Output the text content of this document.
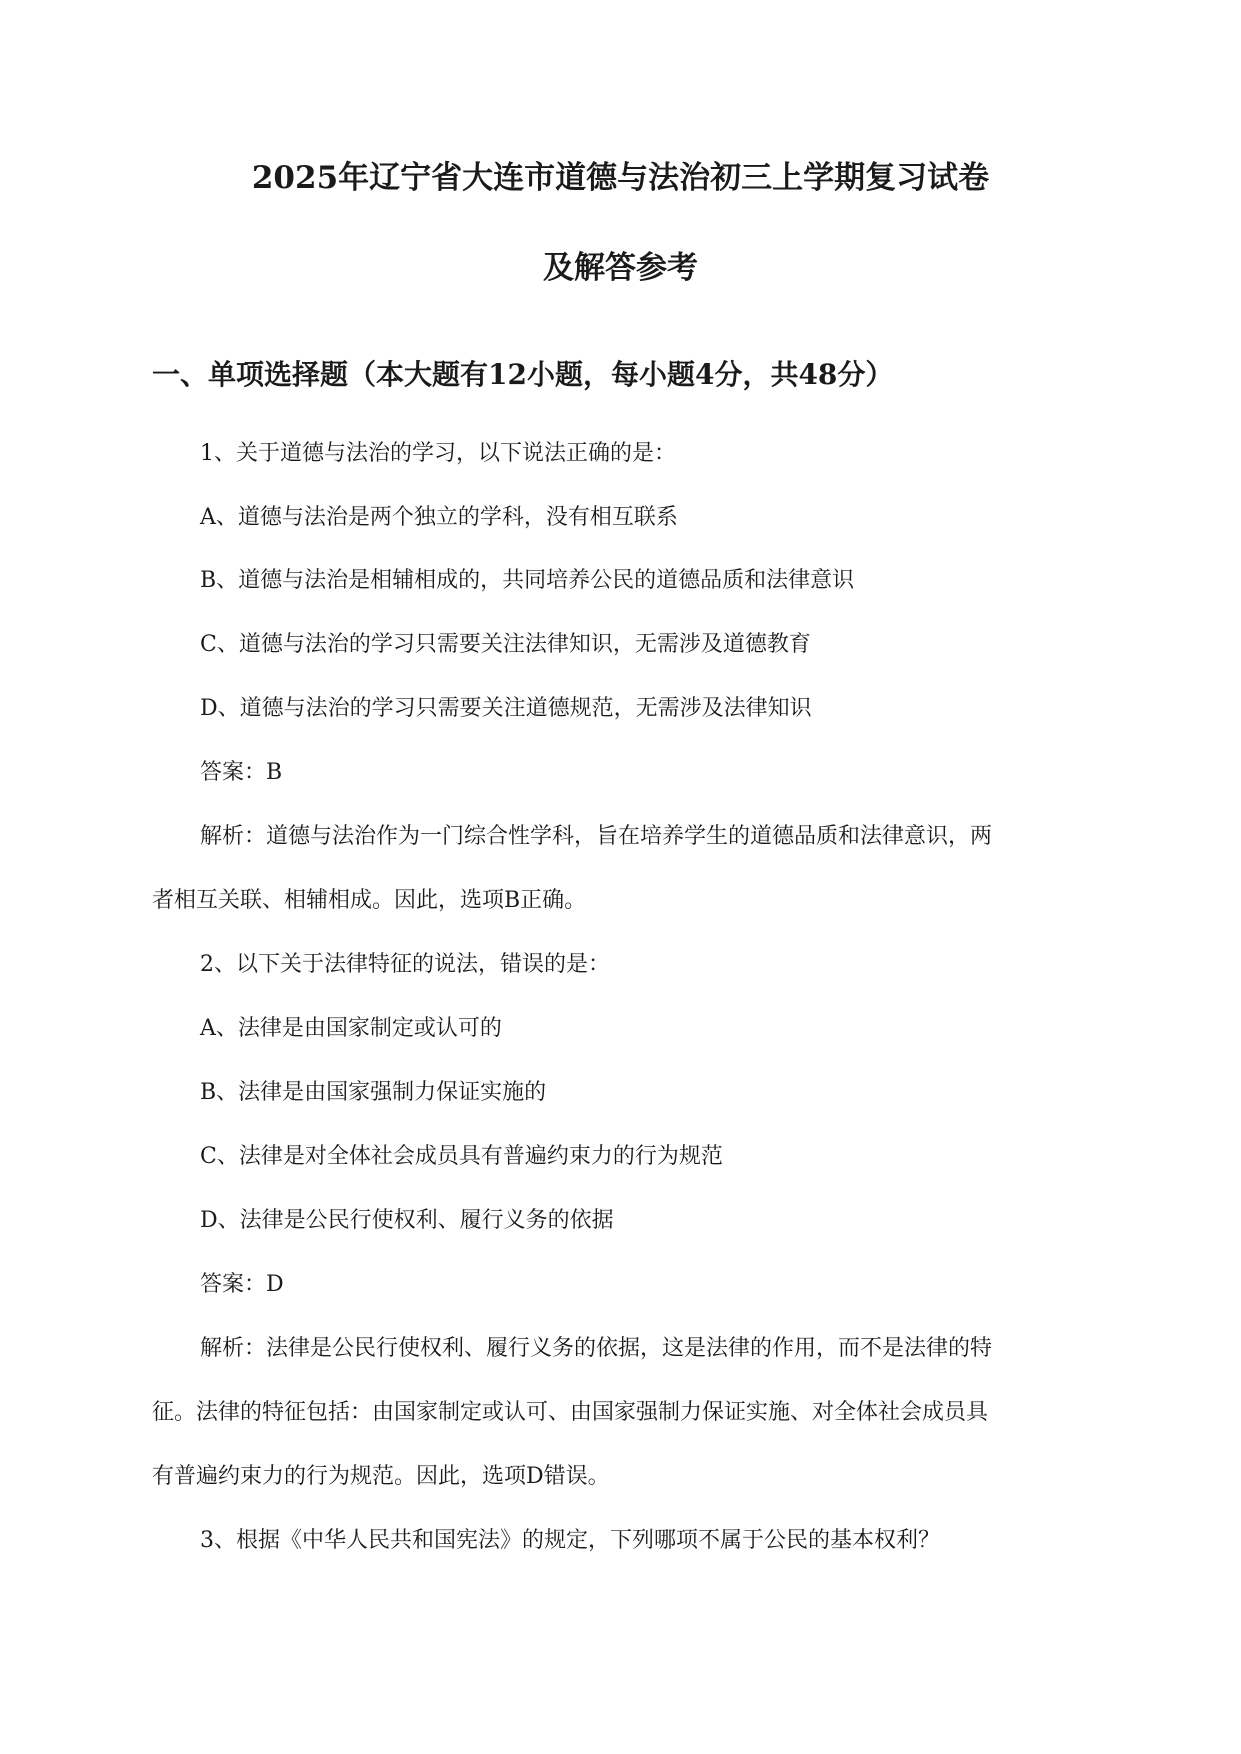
2025年辽宁省大连市道德与法治初三上学期复习试卷
及解答参考
一、单项选择题（本大题有12小题，每小题4分，共48分）
1、关于道德与法治的学习，以下说法正确的是：
A、道德与法治是两个独立的学科，没有相互联系
B、道德与法治是相辅相成的，共同培养公民的道德品质和法律意识
C、道德与法治的学习只需要关注法律知识，无需涉及道德教育
D、道德与法治的学习只需要关注道德规范，无需涉及法律知识
答案：B
解析：道德与法治作为一门综合性学科，旨在培养学生的道德品质和法律意识，两
者相互关联、相辅相成。因此，选项B正确。
2、以下关于法律特征的说法，错误的是：
A、法律是由国家制定或认可的
B、法律是由国家强制力保证实施的
C、法律是对全体社会成员具有普遍约束力的行为规范
D、法律是公民行使权利、履行义务的依据
答案：D
解析：法律是公民行使权利、履行义务的依据，这是法律的作用，而不是法律的特
征。法律的特征包括：由国家制定或认可、由国家强制力保证实施、对全体社会成员具
有普遍约束力的行为规范。因此，选项D错误。
3、根据《中华人民共和国宪法》的规定，下列哪项不属于公民的基本权利？
